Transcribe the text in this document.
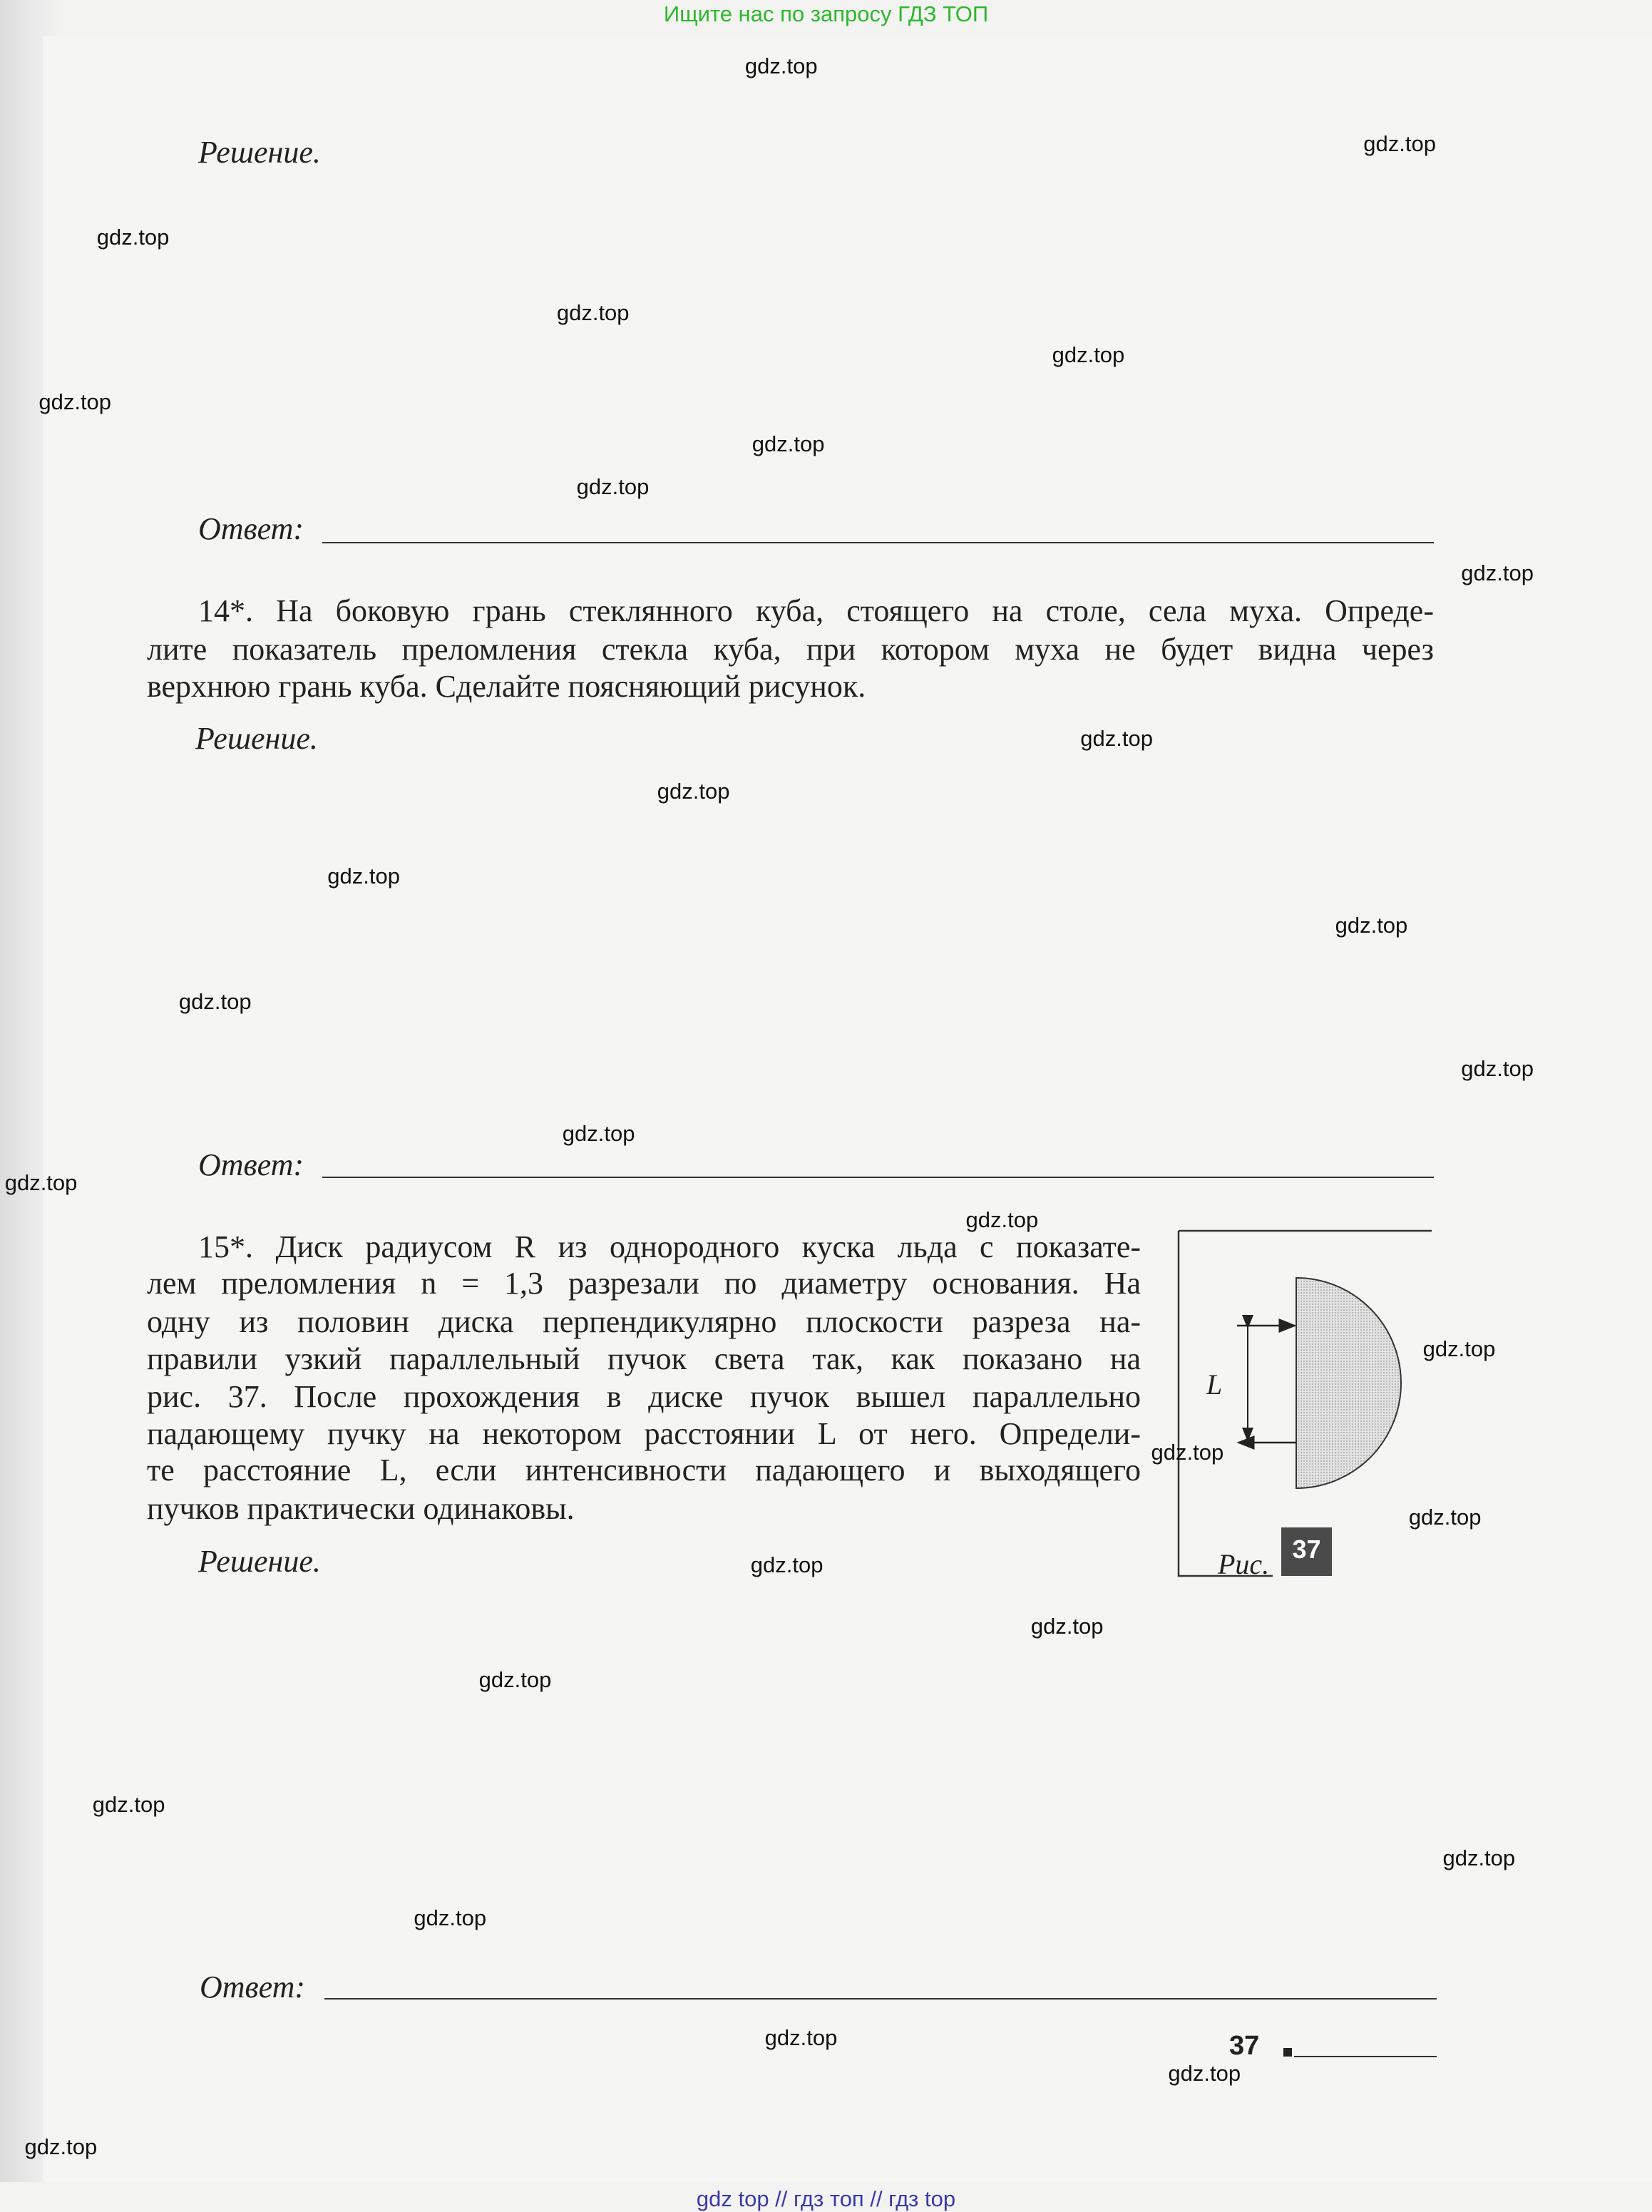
Ищите нас по запросу ГДЗ ТОП
Решение.
Ответ:
14*. На боковую грань стеклянного куба, стоящего на столе, села муха. Опреде-
лите показатель преломления стекла куба, при котором муха не будет видна через
верхнюю грань куба. Сделайте поясняющий рисунок.
Решение.
Ответ:
15*. Диск радиусом R из однородного куска льда с показате-
лем преломления n = 1,3 разрезали по диаметру основания. На
одну из половин диска перпендикулярно плоскости разреза на-
правили узкий параллельный пучок света так, как показано на
рис. 37. После прохождения в диске пучок вышел параллельно
падающему пучку на некотором расстоянии L от него. Определи-
те расстояние L, если интенсивности падающего и выходящего
пучков практически одинаковы.
Решение.
L
Рис. 37
Ответ:
37
gdz.top
gdz.top
gdz.top
gdz.top
gdz.top
gdz.top
gdz.top
gdz.top
gdz.top
gdz.top
gdz.top
gdz.top
gdz.top
gdz.top
gdz.top
gdz.top
gdz.top
gdz.top
gdz.top
gdz.top
gdz.top
gdz.top
gdz.top
gdz.top
gdz.top
gdz.top
gdz.top
gdz.top
gdz.top
gdz.top
gdz top // гдз топ // гдз top
